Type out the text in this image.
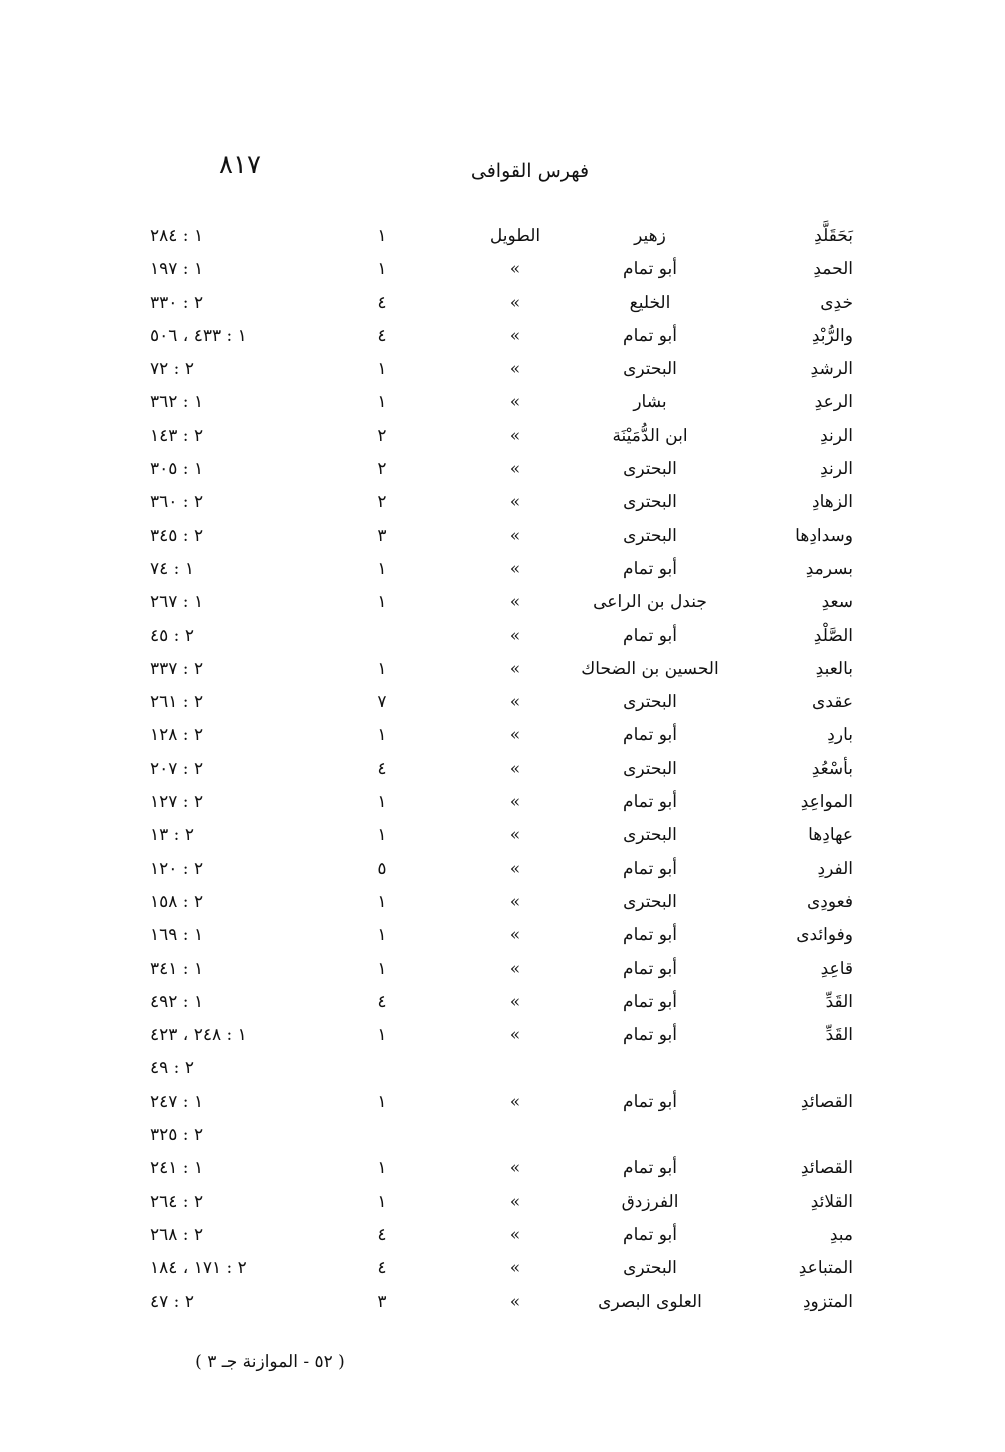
فهرس القوافى
٨١٧
بَحَقَلَّدِ
زهير
الطويل
١
١ : ٢٨٤
الحمدِ
أبو تمام
»
١
١ : ١٩٧
خدِى
الخليع
»
٤
٢ : ٣٣٠
والرُّبْدِ
أبو تمام
»
٤
١ : ٤٣٣ ، ٥٠٦
الرشدِ
البحترى
»
١
٢ : ٧٢
الرعدِ
بشار
»
١
١ : ٣٦٢
الرندِ
ابن الدُّمَيْنَة
»
٢
٢ : ١٤٣
الرندِ
البحترى
»
٢
١ : ٣٠٥
الزهادِ
البحترى
»
٢
٢ : ٣٦٠
وسدادِها
البحترى
»
٣
٢ : ٣٤٥
بسرمدِ
أبو تمام
»
١
١ : ٧٤
سعدِ
جندل بن الراعى
»
١
١ : ٢٦٧
الصَّلْدِ
أبو تمام
»
٢ : ٤٥
بالعبدِ
الحسين بن الضحاك
»
١
٢ : ٣٣٧
عقدى
البحترى
»
٧
٢ : ٢٦١
باردِ
أبو تمام
»
١
٢ : ١٢٨
بأسْعُدِ
البحترى
»
٤
٢ : ٢٠٧
المواعِدِ
أبو تمام
»
١
٢ : ١٢٧
عهادِها
البحترى
»
١
٢ : ١٣
الفردِ
أبو تمام
»
٥
٢ : ١٢٠
فعودِى
البحترى
»
١
٢ : ١٥٨
وفوائدى
أبو تمام
»
١
١ : ١٦٩
قاعِدِ
أبو تمام
»
١
١ : ٣٤١
القَدِّ
أبو تمام
»
٤
١ : ٤٩٢
القَدِّ
أبو تمام
»
١
١ : ٢٤٨ ، ٤٢٣
٢ : ٤٩
القصائدِ
أبو تمام
»
١
١ : ٢٤٧
٢ : ٣٢٥
القصائدِ
أبو تمام
»
١
١ : ٢٤١
القلائدِ
الفرزدق
»
١
٢ : ٢٦٤
مبدِ
أبو تمام
»
٤
٢ : ٢٦٨
المتباعدِ
البحترى
»
٤
٢ : ١٧١ ، ١٨٤
المتزودِ
العلوى البصرى
»
٣
٢ : ٤٧
( ٥٢ - الموازنة جـ ٣ )
